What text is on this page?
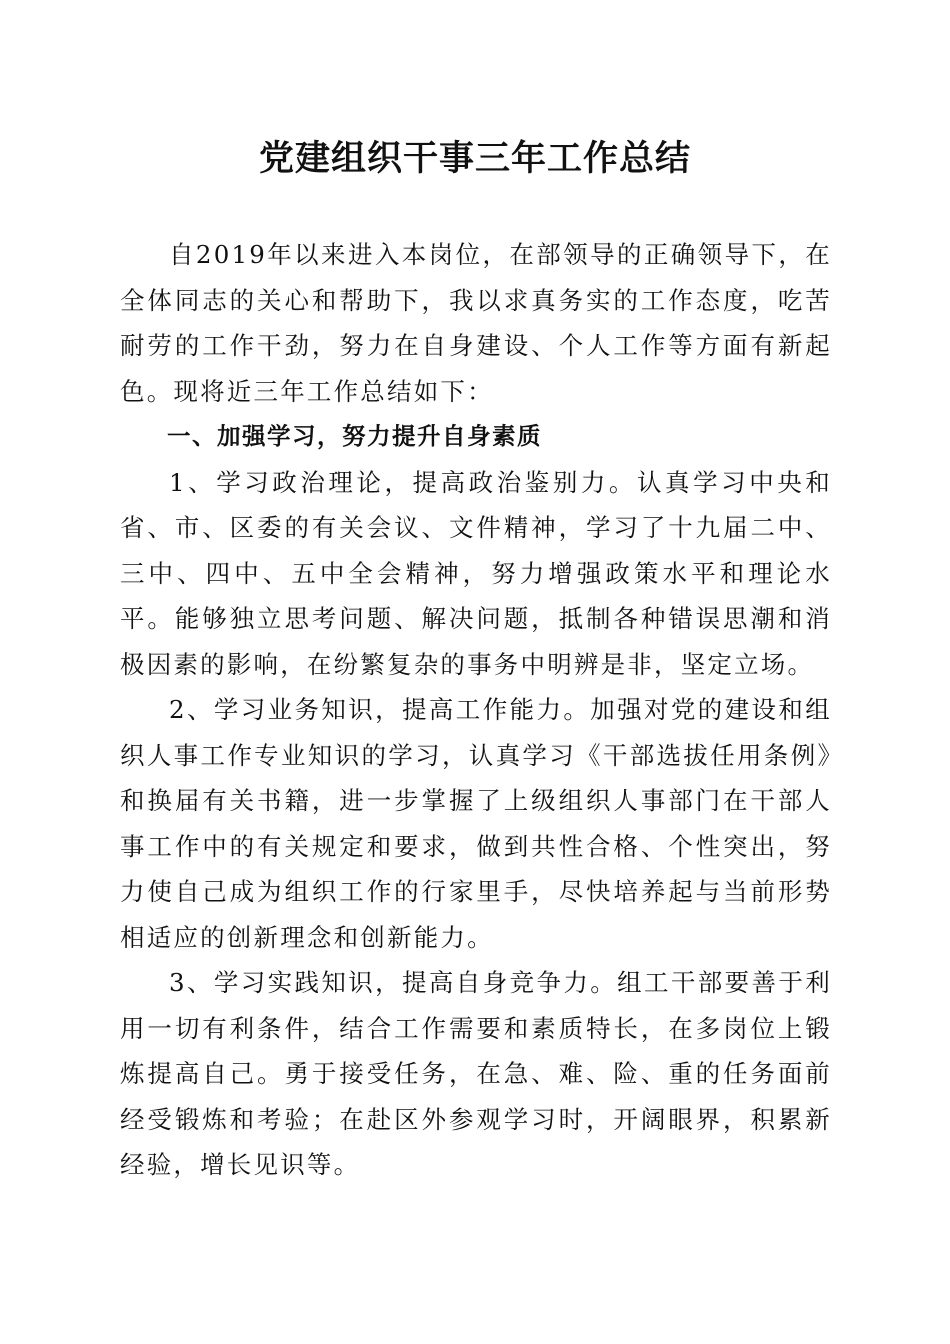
党建组织干事三年工作总结

自2019年以来进入本岗位，在部领导的正确领导下，在全体同志的关心和帮助下，我以求真务实的工作态度，吃苦耐劳的工作干劲，努力在自身建设、个人工作等方面有新起色。现将近三年工作总结如下：

一、加强学习，努力提升自身素质

1、学习政治理论，提高政治鉴别力。认真学习中央和省、市、区委的有关会议、文件精神，学习了十九届二中、三中、四中、五中全会精神，努力增强政策水平和理论水平。能够独立思考问题、解决问题，抵制各种错误思潮和消极因素的影响，在纷繁复杂的事务中明辨是非，坚定立场。

2、学习业务知识，提高工作能力。加强对党的建设和组织人事工作专业知识的学习，认真学习《干部选拔任用条例》和换届有关书籍，进一步掌握了上级组织人事部门在干部人事工作中的有关规定和要求，做到共性合格、个性突出，努力使自己成为组织工作的行家里手，尽快培养起与当前形势相适应的创新理念和创新能力。

3、学习实践知识，提高自身竞争力。组工干部要善于利用一切有利条件，结合工作需要和素质特长，在多岗位上锻炼提高自己。勇于接受任务，在急、难、险、重的任务面前经受锻炼和考验；在赴区外参观学习时，开阔眼界，积累新经验，增长见识等。
